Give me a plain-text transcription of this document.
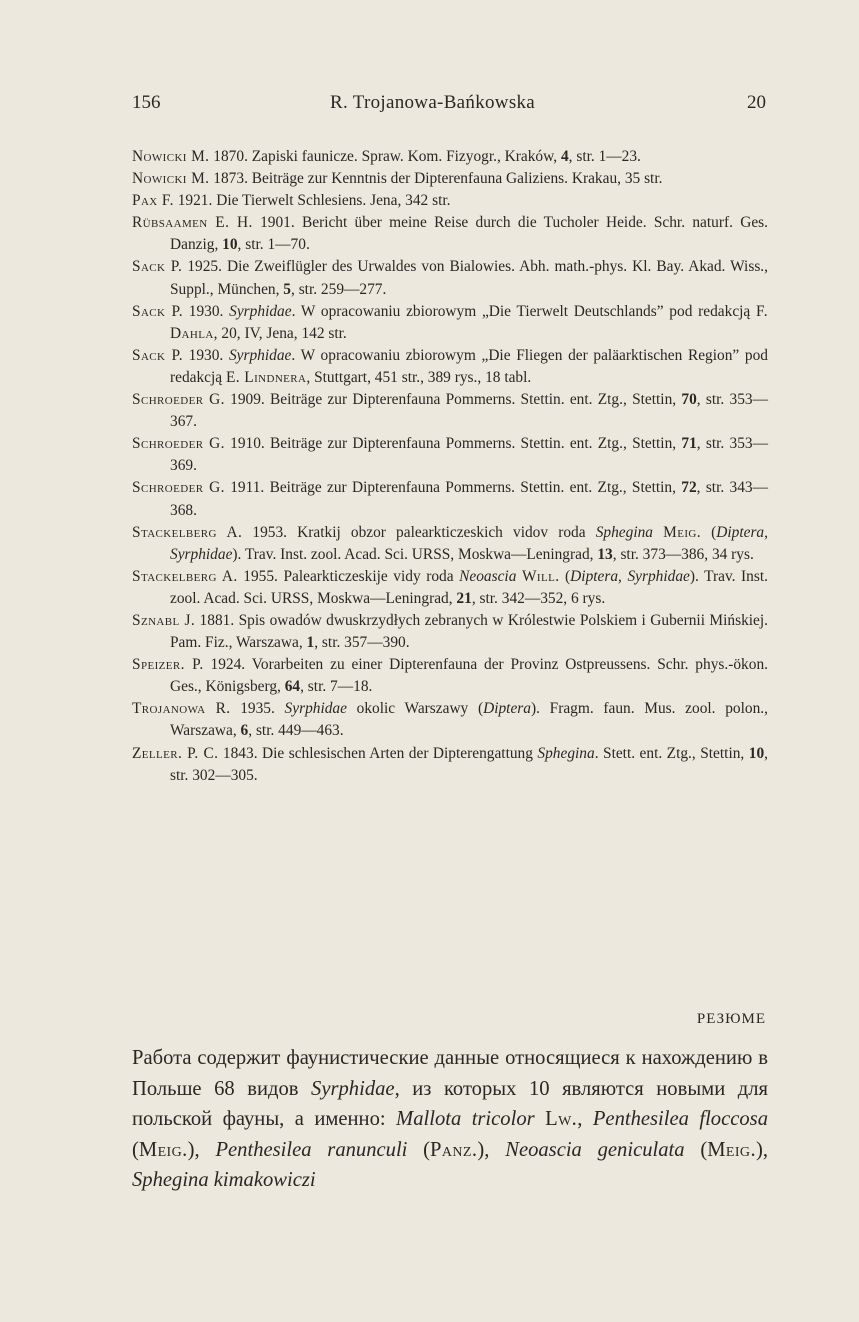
156	R. Trojanowa-Bańkowska	20
Nowicki M. 1870. Zapiski faunicze. Spraw. Kom. Fizyogr., Kraków, 4, str. 1—23.
Nowicki M. 1873. Beiträge zur Kenntnis der Dipterenfauna Galiziens. Krakau, 35 str.
Pax F. 1921. Die Tierwelt Schlesiens. Jena, 342 str.
Rübsaamen E. H. 1901. Bericht über meine Reise durch die Tucholer Heide. Schr. naturf. Ges. Danzig, 10, str. 1—70.
Sack P. 1925. Die Zweiflügler des Urwaldes von Bialowies. Abh. math.-phys. Kl. Bay. Akad. Wiss., Suppl., München, 5, str. 259—277.
Sack P. 1930. Syrphidae. W opracowaniu zbiorowym „Die Tierwelt Deutschlands” pod redakcją F. Dahla, 20, IV, Jena, 142 str.
Sack P. 1930. Syrphidae. W opracowaniu zbiorowym „Die Fliegen der paläarktischen Region” pod redakcją E. Lindnera, Stuttgart, 451 str., 389 rys., 18 tabl.
Schroeder G. 1909. Beiträge zur Dipterenfauna Pommerns. Stettin. ent. Ztg., Stettin, 70, str. 353—367.
Schroeder G. 1910. Beiträge zur Dipterenfauna Pommerns. Stettin. ent. Ztg., Stettin, 71, str. 353—369.
Schroeder G. 1911. Beiträge zur Dipterenfauna Pommerns. Stettin. ent. Ztg., Stettin, 72, str. 343—368.
Stackelberg A. 1953. Kratkij obzor palearkticzeskich vidov roda Sphegina Meig. (Diptera, Syrphidae). Trav. Inst. zool. Acad. Sci. URSS, Moskwa—Leningrad, 13, str. 373—386, 34 rys.
Stackelberg A. 1955. Palearkticzeskije vidy roda Neoascia Will. (Diptera, Syrphidae). Trav. Inst. zool. Acad. Sci. URSS, Moskwa—Leningrad, 21, str. 342—352, 6 rys.
Sznabl J. 1881. Spis owadów dwuskrzydłych zebranych w Królestwie Polskiem i Gubernii Mińskiej. Pam. Fiz., Warszawa, 1, str. 357—390.
Speizer. P. 1924. Vorarbeiten zu einer Dipterenfauna der Provinz Ostpreussens. Schr. phys.-ökon. Ges., Königsberg, 64, str. 7—18.
Trojanowa R. 1935. Syrphidae okolic Warszawy (Diptera). Fragm. faun. Mus. zool. polon., Warszawa, 6, str. 449—463.
Zeller. P. C. 1843. Die schlesischen Arten der Dipterengattung Sphegina. Stett. ent. Ztg., Stettin, 10, str. 302—305.
РЕЗЮМЕ
Работа содержит фаунистические данные относящиеся к нахождению в Польше 68 видов Syrphidae, из которых 10 являются новыми для польской фауны, а именно: Mallota tricolor Lw., Penthesilea floccosa (Meig.), Penthesilea ranunculi (Panz.), Neoascia geniculata (Meig.), Sphegina kimakowiczi
